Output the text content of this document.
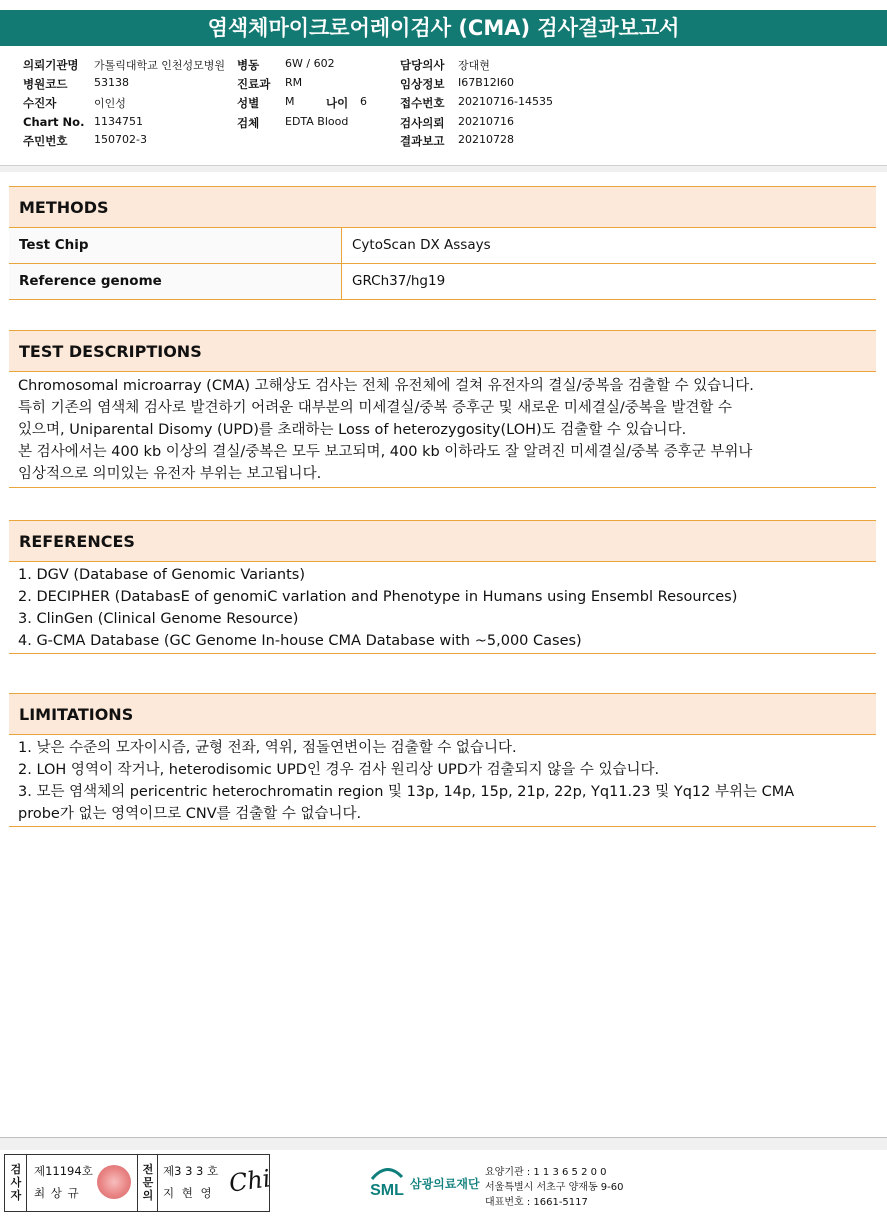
염색체마이크로어레이검사 (CMA) 검사결과보고서
의뢰기관명 가톨릭대학교 인천성모병원
병원코드 53138
수진자	이인성
Chart No. 1134751
주민번호 150702-3
병동 6W / 602
진료과 RM
성별 M	나이 6
검체 EDTA Blood
담당의사 장대현
임상정보 I67B12I60
접수번호 20210716-14535
검사의뢰 20210716
결과보고 20210728
METHODS
Test Chip	CytoScan DX Assays
Reference genome	GRCh37/hg19
TEST DESCRIPTIONS
Chromosomal microarray (CMA) 고해상도 검사는 전체 유전체에 걸쳐 유전자의 결실/중복을 검출할 수 있습니다.
특히 기존의 염색체 검사로 발견하기 어려운 대부분의 미세결실/중복 증후군 및 새로운 미세결실/중복을 발견할 수
있으며, Uniparental Disomy (UPD)를 초래하는 Loss of heterozygosity(LOH)도 검출할 수 있습니다.
본 검사에서는 400 kb 이상의 결실/중복은 모두 보고되며, 400 kb 이하라도 잘 알려진 미세결실/중복 증후군 부위나
임상적으로 의미있는 유전자 부위는 보고됩니다.
REFERENCES
1. DGV (Database of Genomic Variants)
2. DECIPHER (DatabasE of genomiC varIation and Phenotype in Humans using Ensembl Resources)
3. ClinGen (Clinical Genome Resource)
4. G-CMA Database (GC Genome In-house CMA Database with ~5,000 Cases)
LIMITATIONS
1. 낮은 수준의 모자이시즘, 균형 전좌, 역위, 점돌연변이는 검출할 수 없습니다.
2. LOH 영역이 작거나, heterodisomic UPD인 경우 검사 원리상 UPD가 검출되지 않을 수 있습니다.
3. 모든 염색체의 pericentric heterochromatin region 및 13p, 14p, 15p, 21p, 22p, Yq11.23 및 Yq12 부위는 CMA
probe가 없는 영역이므로 CNV를 검출할 수 없습니다.
검사자
제11194호
최 상 규
전문의
제3 3 3 호
지 현 영 Chi	SML 삼광의료재단
요양기관 : 1 1 3 6 5 2 0 0
서울특별시 서초구 양재동 9-60
대표번호 : 1661-5117
